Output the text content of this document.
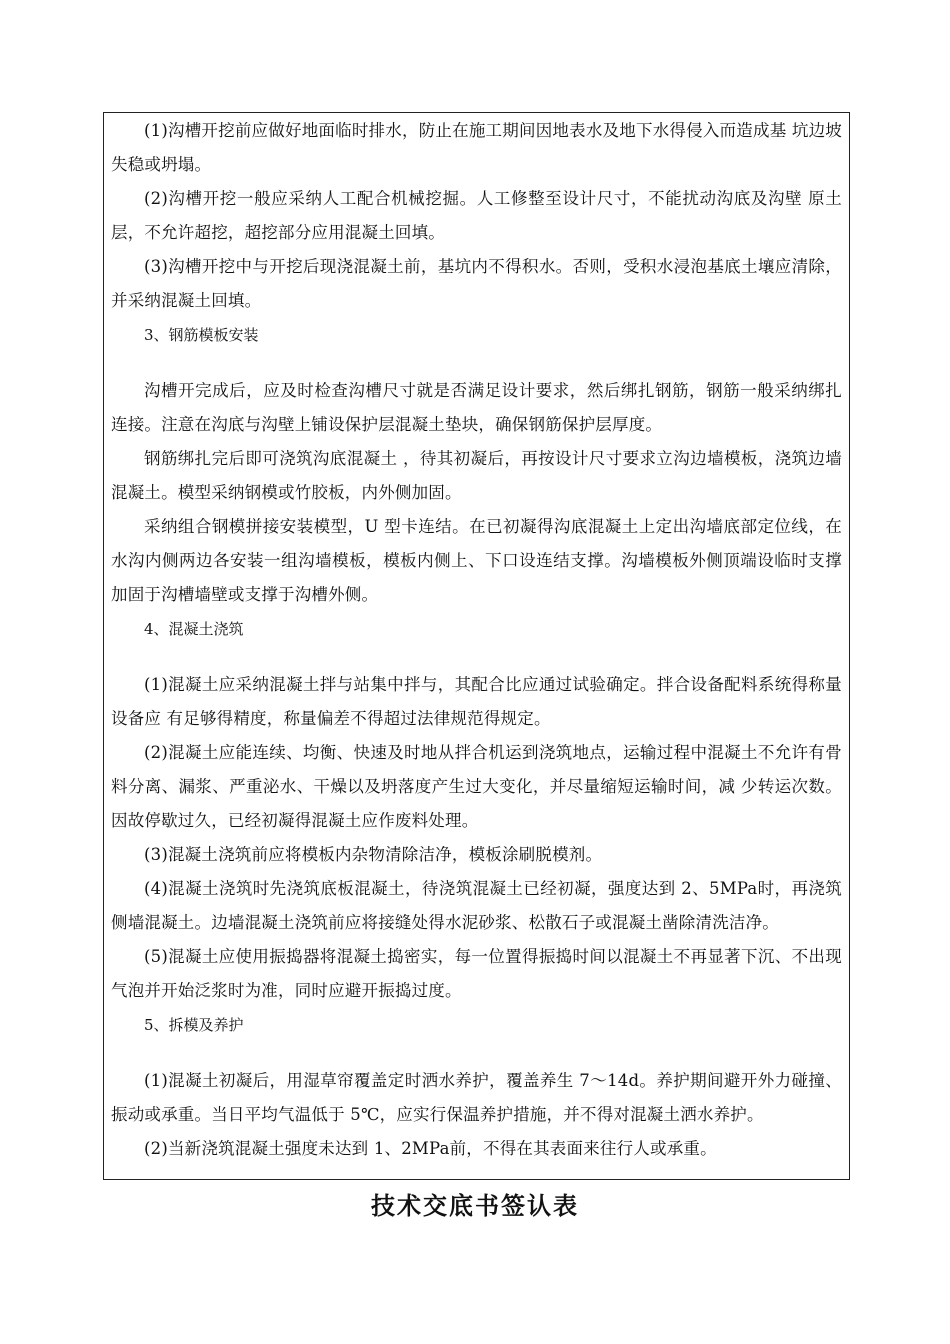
(1)沟槽开挖前应做好地面临时排水，防止在施工期间因地表水及地下水得侵入而造成基 坑边坡失稳或坍塌。

(2)沟槽开挖一般应采纳人工配合机械挖掘。人工修整至设计尺寸，不能扰动沟底及沟壁 原土层，不允许超挖，超挖部分应用混凝土回填。

(3)沟槽开挖中与开挖后现浇混凝土前，基坑内不得积水。否则，受积水浸泡基底土壤应清除，并采纳混凝土回填。

3、钢筋模板安装

沟槽开完成后，应及时检查沟槽尺寸就是否满足设计要求，然后绑扎钢筋，钢筋一般采纳绑扎连接。注意在沟底与沟壁上铺设保护层混凝土垫块，确保钢筋保护层厚度。

钢筋绑扎完后即可浇筑沟底混凝土 ，待其初凝后，再按设计尺寸要求立沟边墙模板，浇筑边墙混凝土。模型采纳钢模或竹胶板，内外侧加固。

采纳组合钢模拼接安装模型，U 型卡连结。在已初凝得沟底混凝土上定出沟墙底部定位线，在水沟内侧两边各安装一组沟墙模板，模板内侧上、下口设连结支撑。沟墙模板外侧顶端设临时支撑加固于沟槽墙壁或支撑于沟槽外侧。

4、混凝土浇筑

(1)混凝土应采纳混凝土拌与站集中拌与，其配合比应通过试验确定。拌合设备配料系统得称量设备应 有足够得精度，称量偏差不得超过法律规范得规定。

(2)混凝土应能连续、均衡、快速及时地从拌合机运到浇筑地点，运输过程中混凝土不允许有骨料分离、漏浆、严重泌水、干燥以及坍落度产生过大变化，并尽量缩短运输时间，减 少转运次数。因故停歇过久，已经初凝得混凝土应作废料处理。

(3)混凝土浇筑前应将模板内杂物清除洁净，模板涂刷脱模剂。

(4)混凝土浇筑时先浇筑底板混凝土，待浇筑混凝土已经初凝，强度达到 2、5MPa时，再浇筑侧墙混凝土。边墙混凝土浇筑前应将接缝处得水泥砂浆、松散石子或混凝土凿除清洗洁净。

(5)混凝土应使用振捣器将混凝土捣密实，每一位置得振捣时间以混凝土不再显著下沉、不出现气泡并开始泛浆时为准，同时应避开振捣过度。

5、拆模及养护

(1)混凝土初凝后，用湿草帘覆盖定时洒水养护，覆盖养生 7～14d。养护期间避开外力碰撞、振动或承重。当日平均气温低于 5℃，应实行保温养护措施，并不得对混凝土洒水养护。

(2)当新浇筑混凝土强度未达到 1、2MPa前，不得在其表面来往行人或承重。

技术交底书签认表
